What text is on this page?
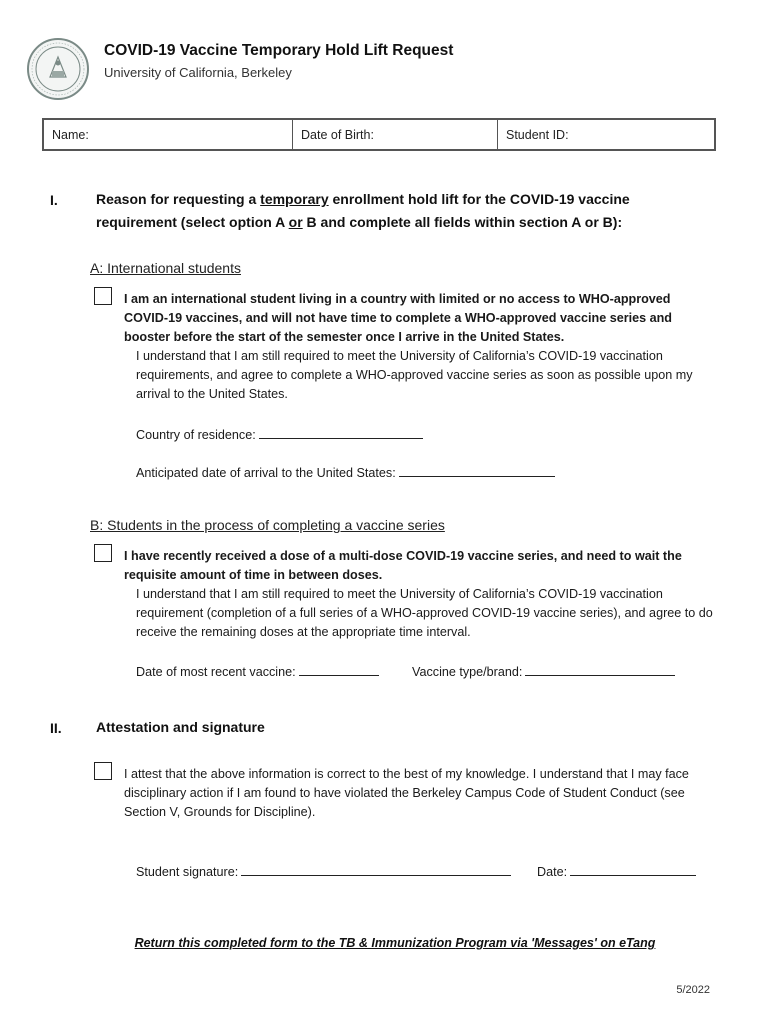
COVID-19 Vaccine Temporary Hold Lift Request
University of California, Berkeley
Name:	Date of Birth:	Student ID:
I.	Reason for requesting a temporary enrollment hold lift for the COVID-19 vaccine
requirement (select option A or B and complete all fields within section A or B):
A: International students
I am an international student living in a country with limited or no access to WHO-approved COVID-19 vaccines, and will not have time to complete a WHO-approved vaccine series and booster before the start of the semester once I arrive in the United States.
I understand that I am still required to meet the University of California’s COVID-19 vaccination requirements, and agree to complete a WHO-approved vaccine series as soon as possible upon my arrival to the United States.
Country of residence:
Anticipated date of arrival to the United States:
B: Students in the process of completing a vaccine series
I have recently received a dose of a multi-dose COVID-19 vaccine series, and need to wait the requisite amount of time in between doses.
I understand that I am still required to meet the University of California’s COVID-19 vaccination requirement (completion of a full series of a WHO-approved COVID-19 vaccine series), and agree to do receive the remaining doses at the appropriate time interval.
Date of most recent vaccine:	Vaccine type/brand:
II. Attestation and signature
I attest that the above information is correct to the best of my knowledge. I understand that I may face disciplinary action if I am found to have violated the Berkeley Campus Code of Student Conduct (see Section V, Grounds for Discipline).
Student signature:	Date:
Return this completed form to the TB & Immunization Program via 'Messages' on eTang
5/2022
